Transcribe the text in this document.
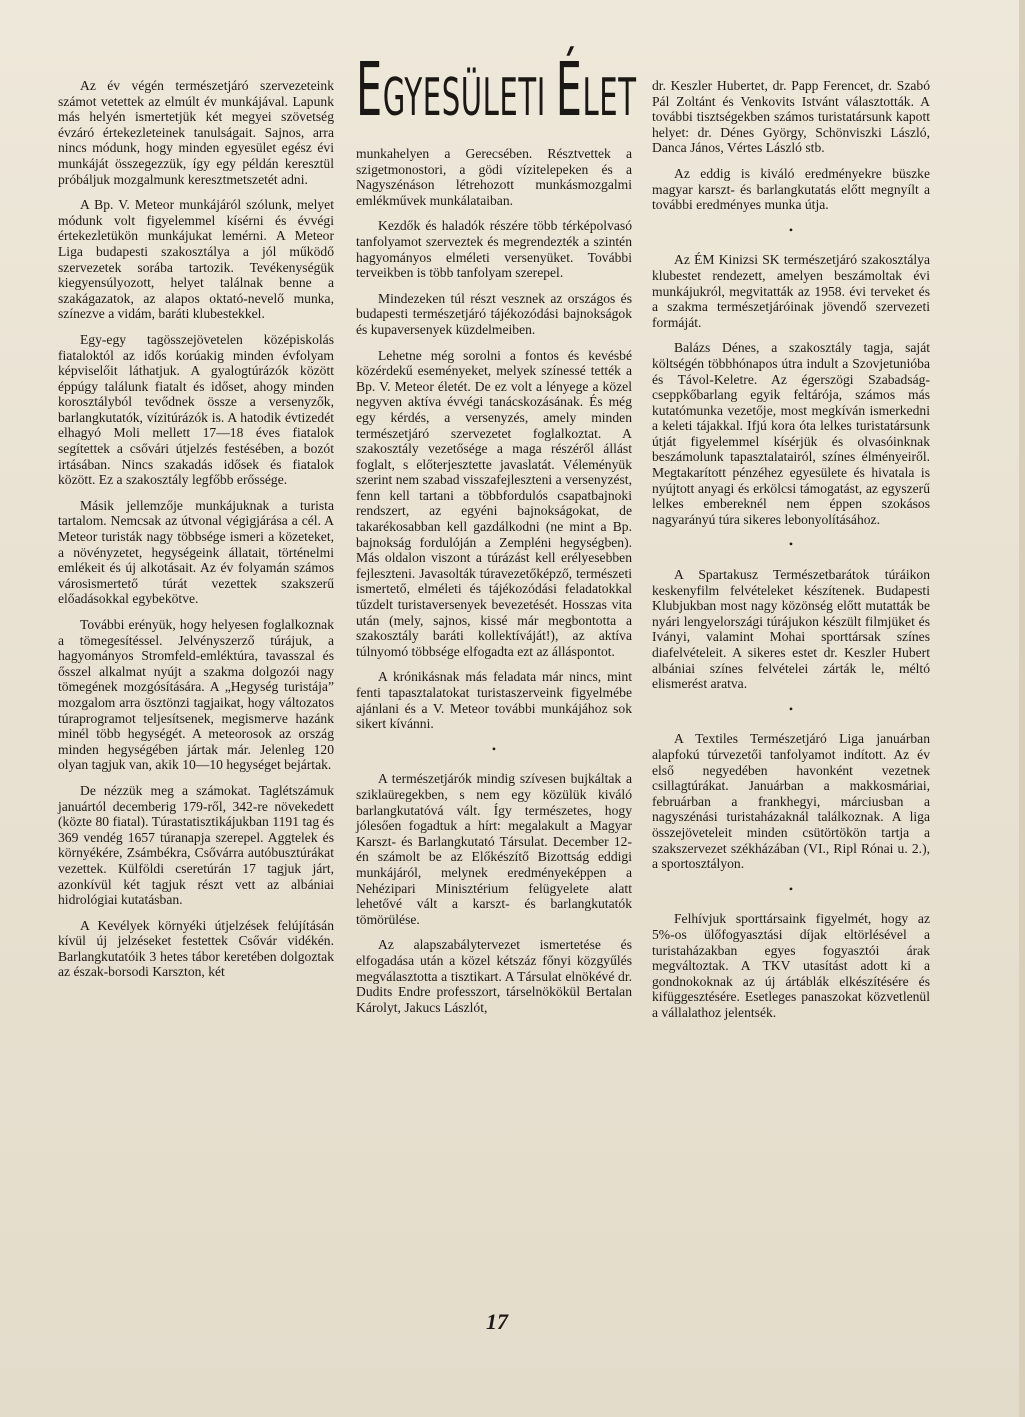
EGYESÜLETI ÉLET

Az év végén természetjáró szervezeteink számot vetettek az elmúlt év munkájával. Lapunk más helyén ismertetjük két megyei szövetség évzáró értekezleteinek tanulságait. Sajnos, arra nincs módunk, hogy minden egyesület egész évi munkáját összegezzük, így egy példán keresztül próbáljuk mozgalmunk keresztmetszetét adni.

A Bp. V. Meteor munkájáról szólunk, melyet módunk volt figyelemmel kísérni és évvégi értekezletükön munkájukat lemérni. A Meteor Liga budapesti szakosztálya a jól működő szervezetek sorába tartozik. Tevékenységük kiegyensúlyozott, helyet találnak benne a szakágazatok, az alapos oktató-nevelő munka, színezve a vidám, baráti klubestekkel.

Egy-egy tagösszejövetelen középiskolás fiataloktól az idős korúakig minden évfolyam képviselőit láthatjuk. A gyalogtúrázók között éppúgy találunk fiatalt és időset, ahogy minden korosztályból tevődnek össze a versenyzők, barlangkutatók, vízitúrázók is. A hatodik évtizedét elhagyó Moli mellett 17—18 éves fiatalok segítettek a csővári útjelzés festésében, a bozót irtásában. Nincs szakadás idősek és fiatalok között. Ez a szakosztály legfőbb erőssége.

Másik jellemzője munkájuknak a turista tartalom. Nemcsak az útvonal végigjárása a cél. A Meteor turisták nagy többsége ismeri a közeteket, a növényzetet, hegységeink állatait, történelmi emlékeit és új alkotásait. Az év folyamán számos városismertető túrát vezettek szakszerű előadásokkal egybekötve.

További erényük, hogy helyesen foglalkoznak a tömegesítéssel. Jelvényszerző túrájuk, a hagyományos Stromfeld-emléktúra, tavasszal és ősszel alkalmat nyújt a szakma dolgozói nagy tömegének mozgósítására. A „Hegység turistája” mozgalom arra ösztönzi tagjaikat, hogy változatos túraprogramot teljesítsenek, megismerve hazánk minél több hegységét. A meteorosok az ország minden hegységében jártak már. Jelenleg 120 olyan tagjuk van, akik 10—10 hegységet bejártak.

De nézzük meg a számokat. Taglétszámuk januártól decemberig 179-ről, 342-re növekedett (közte 80 fiatal). Túrastatisztikájukban 1191 tag és 369 vendég 1657 túranapja szerepel. Aggtelek és környékére, Zsámbékra, Csővárra autóbusztúrákat vezettek. Külföldi cseretúrán 17 tagjuk járt, azonkívül két tagjuk részt vett az albániai hidrológiai kutatásban.

A Kevélyek környéki útjelzések felújításán kívül új jelzéseket festettek Csővár vidékén. Barlangkutatóik 3 hetes tábor keretében dolgoztak az észak-borsodi Karszton, két

munkahelyen a Gerecsében. Résztvettek a szigetmonostori, a gödi vízitelepeken és a Nagyszénáson létrehozott munkásmozgalmi emlékművek munkálataiban.

Kezdők és haladók részére több térképolvasó tanfolyamot szerveztek és megrendezték a szintén hagyományos elméleti versenyüket. További terveikben is több tanfolyam szerepel.

Mindezeken túl részt vesznek az országos és budapesti természetjáró tájékozódási bajnokságok és kupaversenyek küzdelmeiben.

Lehetne még sorolni a fontos és kevésbé közérdekű eseményeket, melyek színessé tették a Bp. V. Meteor életét. De ez volt a lényege a közel negyven aktíva évvégi tanácskozásának. És még egy kérdés, a versenyzés, amely minden természetjáró szervezetet foglalkoztat. A szakosztály vezetősége a maga részéről állást foglalt, s előterjesztette javaslatát. Véleményük szerint nem szabad visszafejleszteni a versenyzést, fenn kell tartani a többfordulós csapatbajnoki rendszert, az egyéni bajnokságokat, de takarékosabban kell gazdálkodni (ne mint a Bp. bajnokság fordulóján a Zempléni hegységben). Más oldalon viszont a túrázást kell erélyesebben fejleszteni. Javasolták túravezetőképző, természeti ismertető, elméleti és tájékozódási feladatokkal tűzdelt turistaversenyek bevezetését. Hosszas vita után (mely, sajnos, kissé már megbontotta a szakosztály baráti kollektíváját!), az aktíva túlnyomó többsége elfogadta ezt az álláspontot.

A krónikásnak más feladata már nincs, mint fenti tapasztalatokat turistaszerveink figyelmébe ajánlani és a V. Meteor további munkájához sok sikert kívánni.

•

A természetjárók mindig szívesen bujkáltak a sziklaüregekben, s nem egy közülük kiváló barlangkutatóvá vált. Így természetes, hogy jólesően fogadtuk a hírt: megalakult a Magyar Karszt- és Barlangkutató Társulat. December 12-én számolt be az Előkészítő Bizottság eddigi munkájáról, melynek eredményeképpen a Nehézipari Minisztérium felügyelete alatt lehetővé vált a karszt- és barlangkutatók tömörülése.

Az alapszabálytervezet ismertetése és elfogadása után a közel kétszáz főnyi közgyűlés megválasztotta a tisztikart. A Társulat elnökévé dr. Dudits Endre professzort, társelnökökül Bertalan Károlyt, Jakucs Lászlót,

dr. Keszler Hubertet, dr. Papp Ferencet, dr. Szabó Pál Zoltánt és Venkovits Istvánt választották. A további tisztségekben számos turistatársunk kapott helyet: dr. Dénes György, Schönviszki László, Danca János, Vértes László stb.

Az eddig is kiváló eredményekre büszke magyar karszt- és barlangkutatás előtt megnyílt a további eredményes munka útja.

•

Az ÉM Kinizsi SK természetjáró szakosztálya klubestet rendezett, amelyen beszámoltak évi munkájukról, megvitatták az 1958. évi terveket és a szakma természetjáróinak jövendő szervezeti formáját.

Balázs Dénes, a szakosztály tagja, saját költségén többhónapos útra indult a Szovjetunióba és Távol-Keletre. Az égerszögi Szabadság-cseppkőbarlang egyik feltárója, számos más kutatómunka vezetője, most megkíván ismerkedni a keleti tájakkal. Ifjú kora óta lelkes turistatársunk útját figyelemmel kísérjük és olvasóinknak beszámolunk tapasztalatairól, színes élményeiről. Megtakarított pénzéhez egyesülete és hivatala is nyújtott anyagi és erkölcsi támogatást, az egyszerű lelkes embereknél nem éppen szokásos nagyarányú túra sikeres lebonyolításához.

•

A Spartakusz Természetbarátok túráikon keskenyfilm felvételeket készítenek. Budapesti Klubjukban most nagy közönség előtt mutatták be nyári lengyelországi túrájukon készült filmjüket és Iványi, valamint Mohai sporttársak színes diafelvételeit. A sikeres estet dr. Keszler Hubert albániai színes felvételei zárták le, méltó elismerést aratva.

•

A Textiles Természetjáró Liga januárban alapfokú túrvezetői tanfolyamot indított. Az év első negyedében havonként vezetnek csillagtúrákat. Januárban a makkosmáriai, februárban a frankhegyi, márciusban a nagyszénási turistaházaknál találkoznak. A liga összejöveteleit minden csütörtökön tartja a szakszervezet székházában (VI., Ripl Rónai u. 2.), a sportosztályon.

•

Felhívjuk sporttársaink figyelmét, hogy az 5%-os ülőfogyasztási díjak eltörlésével a turistaházakban egyes fogyasztói árak megváltoztak. A TKV utasítást adott ki a gondnokoknak az új ártáblák elkészítésére és kifüggesztésére. Esetleges panaszokat közvetlenül a vállalathoz jelentsék.

17
